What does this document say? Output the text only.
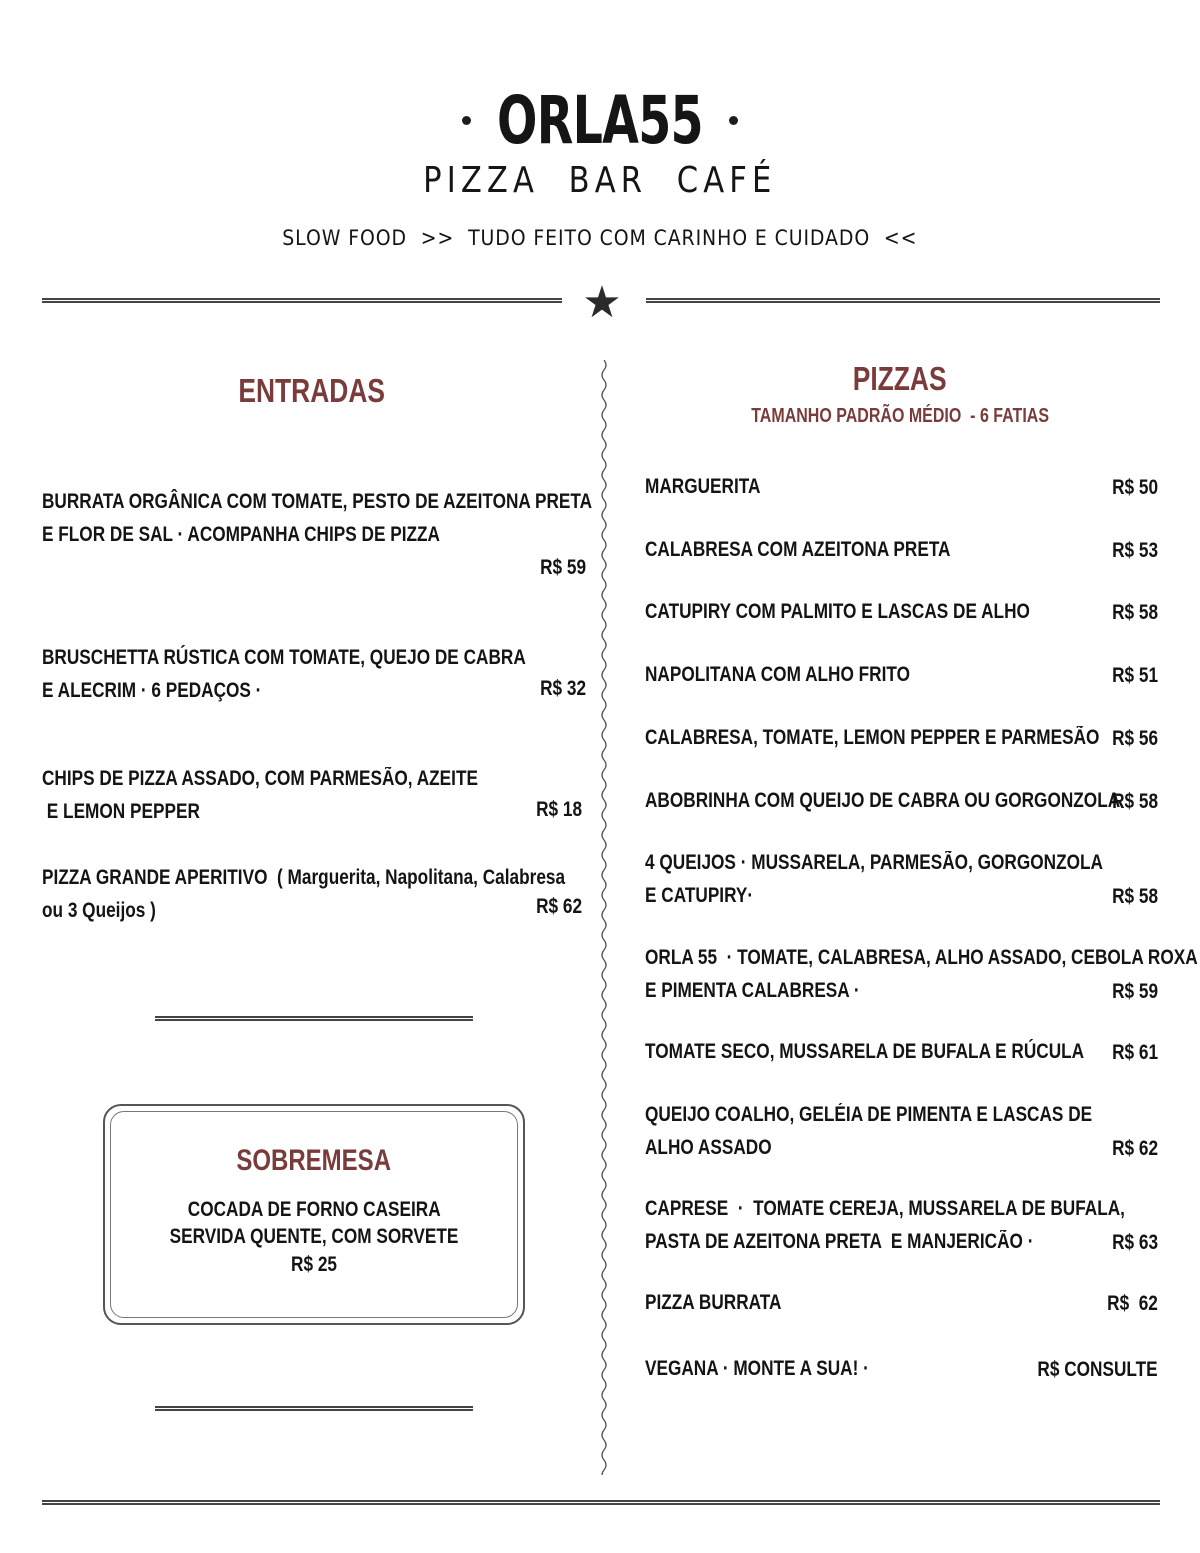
ORLA55
PIZZA  BAR  CAFÉ
SLOW FOOD  >>  TUDO FEITO COM CARINHO E CUIDADO  <<
★
ENTRADAS
BURRATA ORGÂNICA COM TOMATE, PESTO DE AZEITONA PRETA
E FLOR DE SAL · ACOMPANHA CHIPS DE PIZZA
R$ 59
BRUSCHETTA RÚSTICA COM TOMATE, QUEJO DE CABRA
E ALECRIM · 6 PEDAÇOS ·	R$ 32
CHIPS DE PIZZA ASSADO, COM PARMESÃO, AZEITE
E LEMON PEPPER	R$ 18
PIZZA GRANDE APERITIVO  ( Marguerita, Napolitana, Calabresa
ou 3 Queijos )	R$ 62
SOBREMESA
COCADA DE FORNO CASEIRA
SERVIDA QUENTE, COM SORVETE
R$ 25
PIZZAS
TAMANHO PADRÃO MÉDIO  - 6 FATIAS
MARGUERITA	R$ 50
CALABRESA COM AZEITONA PRETA	R$ 53
CATUPIRY COM PALMITO E LASCAS DE ALHO	R$ 58
NAPOLITANA COM ALHO FRITO	R$ 51
CALABRESA, TOMATE, LEMON PEPPER E PARMESÃO R$ 56
ABOBRINHA COM QUEIJO DE CABRA OU GORGONZOLA
R$ 58
4 QUEIJOS · MUSSARELA, PARMESÃO, GORGONZOLA
E CATUPIRY·	R$ 58
ORLA 55  · TOMATE, CALABRESA, ALHO ASSADO, CEBOLA ROXA
E PIMENTA CALABRESA ·	R$ 59
TOMATE SECO, MUSSARELA DE BUFALA E RÚCULA	R$ 61
QUEIJO COALHO, GELÉIA DE PIMENTA E LASCAS DE
ALHO ASSADO	R$ 62
CAPRESE  ·  TOMATE CEREJA, MUSSARELA DE BUFALA,
PASTA DE AZEITONA PRETA  E MANJERICÃO ·	R$ 63
PIZZA BURRATA	R$  62
VEGANA · MONTE A SUA! ·	R$ CONSULTE
